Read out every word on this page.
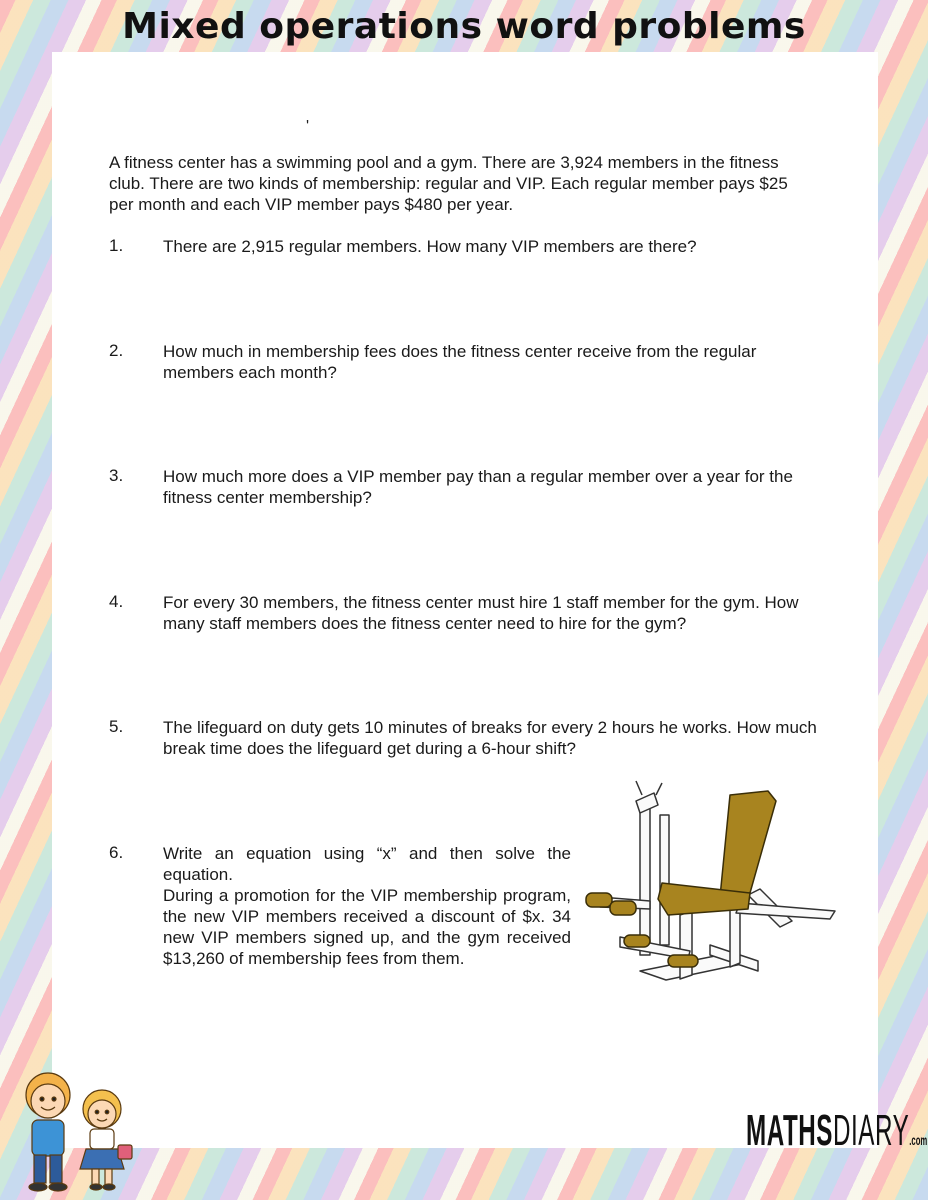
Mixed operations word problems
'

A fitness center has a swimming pool and a gym. There are 3,924 members in the fitness club. There are two kinds of membership: regular and VIP. Each regular member pays $25 per month and each VIP member pays $480 per year.

1. There are 2,915 regular members. How many VIP members are there?

2. How much in membership fees does the fitness center receive from the regular members each month?

3. How much more does a VIP member pay than a regular member over a year for the fitness center membership?

4. For every 30 members, the fitness center must hire 1 staff member for the gym. How many staff members does the fitness center need to hire for the gym?

5. The lifeguard on duty gets 10 minutes of breaks for every 2 hours he works. How much break time does the lifeguard get during a 6-hour shift?

6. Write an equation using “x” and then solve the equation.
During a promotion for the VIP membership program, the new VIP members received a discount of $x. 34 new VIP members signed up, and the gym received $13,260 of membership fees from them.

MATHSDIARY.com
